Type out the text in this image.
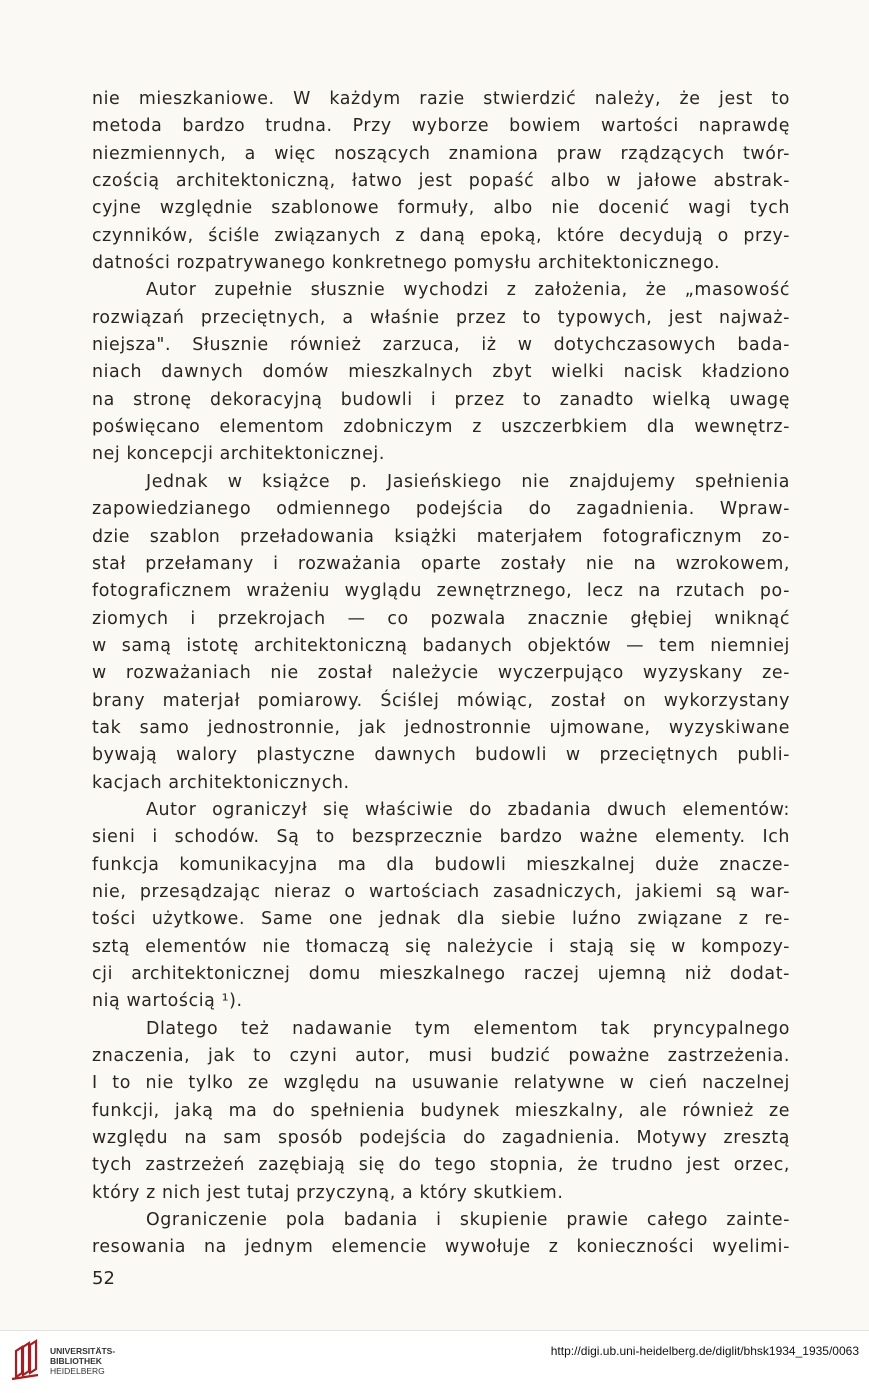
nie mieszkaniowe. W każdym razie stwierdzić należy, że jest to
metoda bardzo trudna. Przy wyborze bowiem wartości naprawdę
niezmiennych, a więc noszących znamiona praw rządzących twór-
czością architektoniczną, łatwo jest popaść albo w jałowe abstrak-
cyjne względnie szablonowe formuły, albo nie docenić wagi tych
czynników, ściśle związanych z daną epoką, które decydują o przy-
datności rozpatrywanego konkretnego pomysłu architektonicznego.
Autor zupełnie słusznie wychodzi z założenia, że „masowość
rozwiązań przeciętnych, a właśnie przez to typowych, jest najważ-
niejsza". Słusznie również zarzuca, iż w dotychczasowych bada-
niach dawnych domów mieszkalnych zbyt wielki nacisk kładziono
na stronę dekoracyjną budowli i przez to zanadto wielką uwagę
poświęcano elementom zdobniczym z uszczerbkiem dla wewnętrz-
nej koncepcji architektonicznej.
Jednak w książce p. Jasieńskiego nie znajdujemy spełnienia
zapowiedzianego odmiennego podejścia do zagadnienia. Wpraw-
dzie szablon przeładowania książki materjałem fotograficznym zo-
stał przełamany i rozważania oparte zostały nie na wzrokowem,
fotograficznem wrażeniu wyglądu zewnętrznego, lecz na rzutach po-
ziomych i przekrojach — co pozwala znacznie głębiej wniknąć
w samą istotę architektoniczną badanych objektów — tem niemniej
w rozważaniach nie został należycie wyczerpująco wyzyskany ze-
brany materjał pomiarowy. Ściślej mówiąc, został on wykorzystany
tak samo jednostronnie, jak jednostronnie ujmowane, wyzyskiwane
bywają walory plastyczne dawnych budowli w przeciętnych publi-
kacjach architektonicznych.
Autor ograniczył się właściwie do zbadania dwuch elementów:
sieni i schodów. Są to bezsprzecznie bardzo ważne elementy. Ich
funkcja komunikacyjna ma dla budowli mieszkalnej duże znacze-
nie, przesądzając nieraz o wartościach zasadniczych, jakiemi są war-
tości użytkowe. Same one jednak dla siebie luźno związane z re-
sztą elementów nie tłomaczą się należycie i stają się w kompozy-
cji architektonicznej domu mieszkalnego raczej ujemną niż dodat-
nią wartością ¹).
Dlatego też nadawanie tym elementom tak pryncypalnego
znaczenia, jak to czyni autor, musi budzić poważne zastrzeżenia.
I to nie tylko ze względu na usuwanie relatywne w cień naczelnej
funkcji, jaką ma do spełnienia budynek mieszkalny, ale również ze
względu na sam sposób podejścia do zagadnienia. Motywy zresztą
tych zastrzeżeń zazębiają się do tego stopnia, że trudno jest orzec,
który z nich jest tutaj przyczyną, a który skutkiem.
Ograniczenie pola badania i skupienie prawie całego zainte-
resowania na jednym elemencie wywołuje z konieczności wyelimi-
52
UNIVERSITÄTS-
BIBLIOTHEK
HEIDELBERG
http://digi.ub.uni-heidelberg.de/diglit/bhsk1934_1935/0063
